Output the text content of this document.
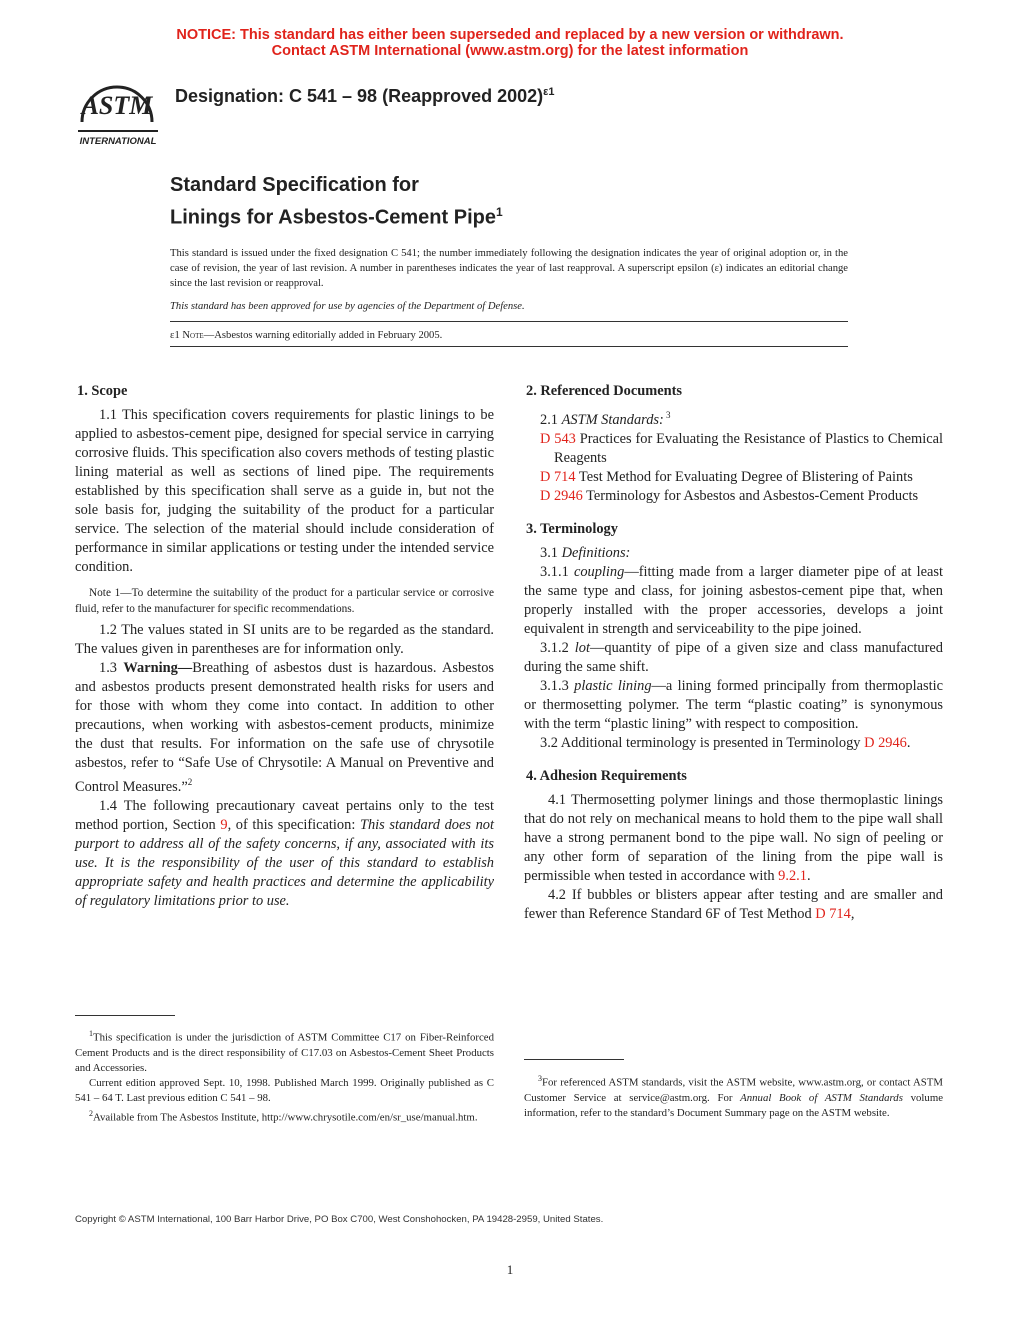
NOTICE: This standard has either been superseded and replaced by a new version or withdrawn.
Contact ASTM International (www.astm.org) for the latest information
ASTM
INTERNATIONAL
Designation: C 541 – 98 (Reapproved 2002)$^{\varepsilon 1}$
Standard Specification for
Linings for Asbestos-Cement Pipe$^1$
This standard is issued under the fixed designation C 541; the number immediately following the designation indicates the year of original adoption or, in the case of revision, the year of last revision. A number in parentheses indicates the year of last reapproval. A superscript epsilon (ε) indicates an editorial change since the last revision or reapproval.
This standard has been approved for use by agencies of the Department of Defense.
ε1 Note—Asbestos warning editorially added in February 2005.
1. Scope

1.1 This specification covers requirements for plastic linings to be applied to asbestos-cement pipe, designed for special service in carrying corrosive fluids. This specification also covers methods of testing plastic lining material as well as sections of lined pipe. The requirements established by this specification shall serve as a guide in, but not the sole basis for, judging the suitability of the product for a particular service. The selection of the material should include consideration of performance in similar applications or testing under the intended service condition.

Note 1—To determine the suitability of the product for a particular service or corrosive fluid, refer to the manufacturer for specific recommendations.

1.2 The values stated in SI units are to be regarded as the standard. The values given in parentheses are for information only.

1.3 Warning—Breathing of asbestos dust is hazardous. Asbestos and asbestos products present demonstrated health risks for users and for those with whom they come into contact. In addition to other precautions, when working with asbestos-cement products, minimize the dust that results. For information on the safe use of chrysotile asbestos, refer to “Safe Use of Chrysotile: A Manual on Preventive and Control Measures.”$^2$

1.4 The following precautionary caveat pertains only to the test method portion, Section 9, of this specification: This standard does not purport to address all of the safety concerns, if any, associated with its use. It is the responsibility of the user of this standard to establish appropriate safety and health practices and determine the applicability of regulatory limitations prior to use.

$^1$This specification is under the jurisdiction of ASTM Committee C17 on Fiber-Reinforced Cement Products and is the direct responsibility of C17.03 on Asbestos-Cement Sheet Products and Accessories.
Current edition approved Sept. 10, 1998. Published March 1999. Originally published as C 541 – 64 T. Last previous edition C 541 – 98.
$^2$Available from The Asbestos Institute, http://www.chrysotile.com/en/sr_use/manual.htm.
2. Referenced Documents

2.1 ASTM Standards: $^3$

D 543 Practices for Evaluating the Resistance of Plastics to Chemical Reagents
D 714 Test Method for Evaluating Degree of Blistering of Paints
D 2946 Terminology for Asbestos and Asbestos-Cement Products
3. Terminology

3.1 Definitions:

3.1.1 coupling—fitting made from a larger diameter pipe of at least the same type and class, for joining asbestos-cement pipe that, when properly installed with the proper accessories, develops a joint equivalent in strength and serviceability to the pipe joined.

3.1.2 lot—quantity of pipe of a given size and class manufactured during the same shift.

3.1.3 plastic lining—a lining formed principally from thermoplastic or thermosetting polymer. The term “plastic coating” is synonymous with the term “plastic lining” with respect to composition.

3.2 Additional terminology is presented in Terminology D 2946.

4. Adhesion Requirements

4.1 Thermosetting polymer linings and those thermoplastic linings that do not rely on mechanical means to hold them to the pipe wall shall have a strong permanent bond to the pipe wall. No sign of peeling or any other form of separation of the lining from the pipe wall is permissible when tested in accordance with 9.2.1.

4.2 If bubbles or blisters appear after testing and are smaller and fewer than Reference Standard 6F of Test Method D 714,

$^3$For referenced ASTM standards, visit the ASTM website, www.astm.org, or contact ASTM Customer Service at service@astm.org. For Annual Book of ASTM Standards volume information, refer to the standard’s Document Summary page on the ASTM website.
Copyright © ASTM International, 100 Barr Harbor Drive, PO Box C700, West Conshohocken, PA 19428-2959, United States.
1
